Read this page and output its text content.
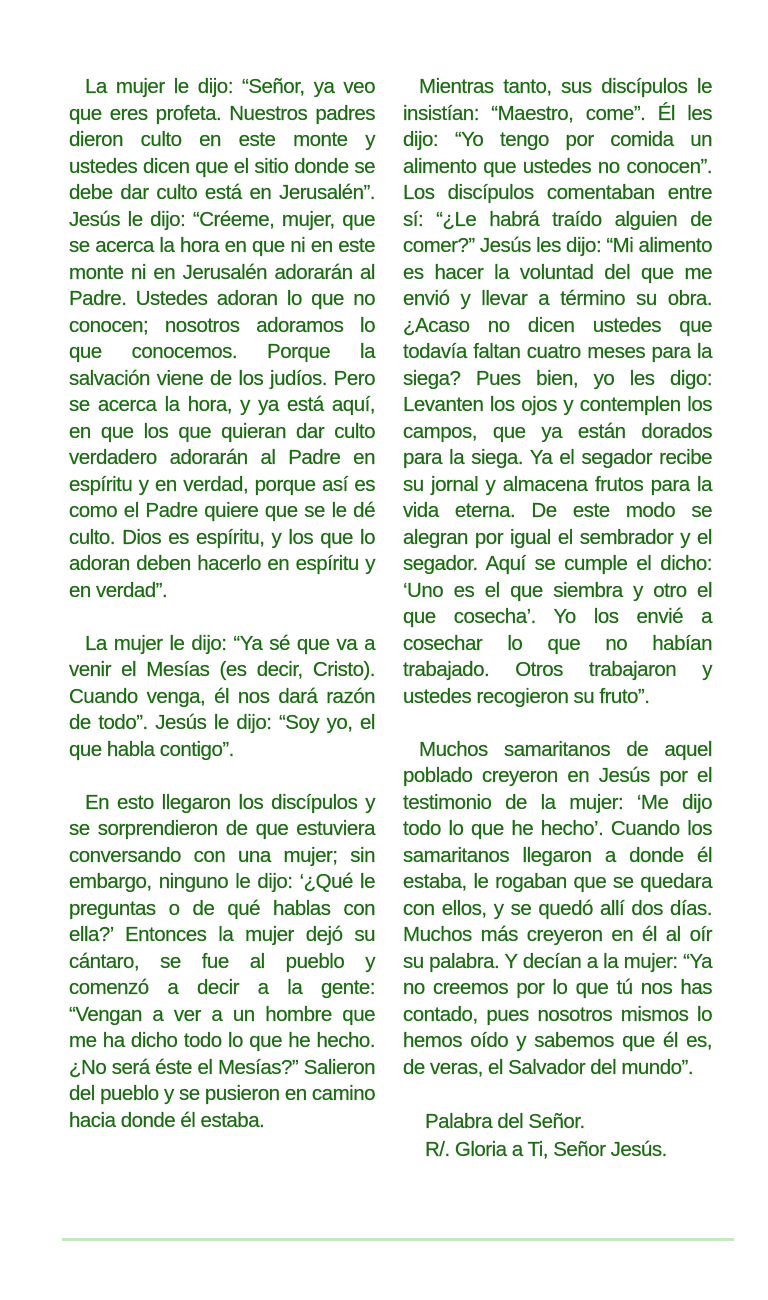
La mujer le dijo: “Señor, ya veo que eres profeta. Nuestros padres dieron culto en este monte y ustedes dicen que el sitio donde se debe dar culto está en Jerusalén”. Jesús le dijo: “Créeme, mujer, que se acerca la hora en que ni en este monte ni en Jerusalén adorarán al Padre. Ustedes adoran lo que no conocen; nosotros adoramos lo que conocemos. Porque la salvación viene de los judíos. Pero se acerca la hora, y ya está aquí, en que los que quieran dar culto verdadero adorarán al Padre en espíritu y en verdad, porque así es como el Padre quiere que se le dé culto. Dios es espíritu, y los que lo adoran deben hacerlo en espíritu y en verdad”.

La mujer le dijo: “Ya sé que va a venir el Mesías (es decir, Cristo). Cuando venga, él nos dará razón de todo”. Jesús le dijo: “Soy yo, el que habla contigo”.

En esto llegaron los discípulos y se sorprendieron de que estuviera conversando con una mujer; sin embargo, ninguno le dijo: ‘¿Qué le preguntas o de qué hablas con ella?’ Entonces la mujer dejó su cántaro, se fue al pueblo y comenzó a decir a la gente: “Vengan a ver a un hombre que me ha dicho todo lo que he hecho. ¿No será éste el Mesías?” Salieron del pueblo y se pusieron en camino hacia donde él estaba.

Mientras tanto, sus discípulos le insistían: “Maestro, come”. Él les dijo: “Yo tengo por comida un alimento que ustedes no conocen”. Los discípulos comentaban entre sí: “¿Le habrá traído alguien de comer?” Jesús les dijo: “Mi alimento es hacer la voluntad del que me envió y llevar a término su obra. ¿Acaso no dicen ustedes que todavía faltan cuatro meses para la siega? Pues bien, yo les digo: Levanten los ojos y contemplen los campos, que ya están dorados para la siega. Ya el segador recibe su jornal y almacena frutos para la vida eterna. De este modo se alegran por igual el sembrador y el segador. Aquí se cumple el dicho: ‘Uno es el que siembra y otro el que cosecha’. Yo los envié a cosechar lo que no habían trabajado. Otros trabajaron y ustedes recogieron su fruto”.

Muchos samaritanos de aquel poblado creyeron en Jesús por el testimonio de la mujer: ‘Me dijo todo lo que he hecho’. Cuando los samaritanos llegaron a donde él estaba, le rogaban que se quedara con ellos, y se quedó allí dos días. Muchos más creyeron en él al oír su palabra. Y decían a la mujer: “Ya no creemos por lo que tú nos has contado, pues nosotros mismos lo hemos oído y sabemos que él es, de veras, el Salvador del mundo”.

Palabra del Señor.
R/. Gloria a Ti, Señor Jesús.
